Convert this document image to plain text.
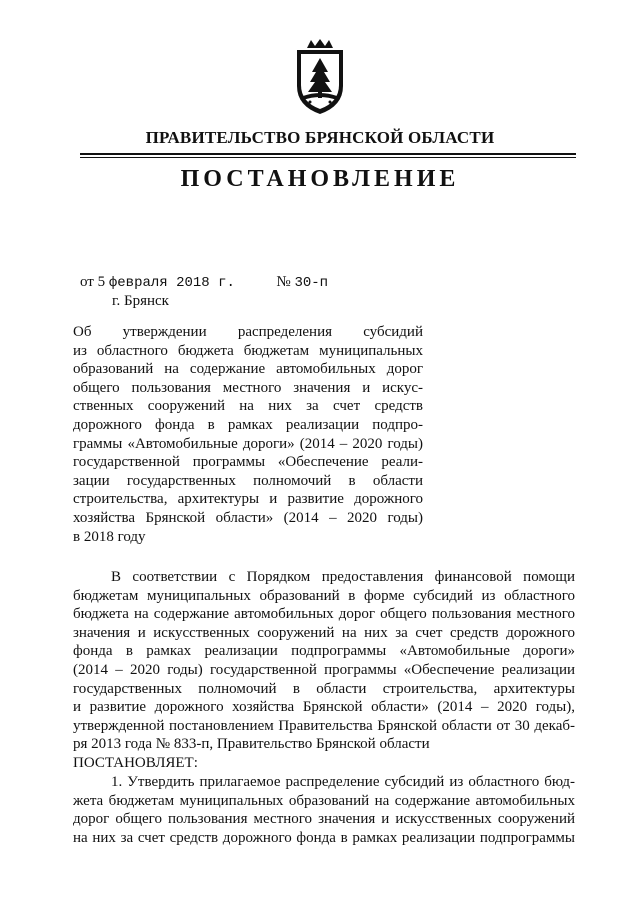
ПРАВИТЕЛЬСТВО БРЯНСКОЙ ОБЛАСТИ
ПОСТАНОВЛЕНИЕ
от 5 февраля 2018 г.	№ 30-п
г. Брянск
Об утверждении распределения субсидий
из областного бюджета бюджетам муниципальных
образований на содержание автомобильных дорог
общего пользования местного значения и искус-
ственных сооружений на них за счет средств
дорожного фонда в рамках реализации подпро-
граммы «Автомобильные дороги» (2014 – 2020 годы)
государственной программы «Обеспечение реали-
зации государственных полномочий в области
строительства, архитектуры и развитие дорожного
хозяйства Брянской области» (2014 – 2020 годы)
в 2018 году
В соответствии с Порядком предоставления финансовой помощи
бюджетам муниципальных образований в форме субсидий из областного
бюджета на содержание автомобильных дорог общего пользования местного
значения и искусственных сооружений на них за счет средств дорожного
фонда в рамках реализации подпрограммы «Автомобильные дороги»
(2014 – 2020 годы) государственной программы «Обеспечение реализации
государственных полномочий в области строительства, архитектуры
и развитие дорожного хозяйства Брянской области» (2014 – 2020 годы),
утвержденной постановлением Правительства Брянской области от 30 декаб-
ря 2013 года № 833-п, Правительство Брянской области
ПОСТАНОВЛЯЕТ:
1. Утвердить прилагаемое распределение субсидий из областного бюд-
жета бюджетам муниципальных образований на содержание автомобильных
дорог общего пользования местного значения и искусственных сооружений
на них за счет средств дорожного фонда в рамках реализации подпрограммы
